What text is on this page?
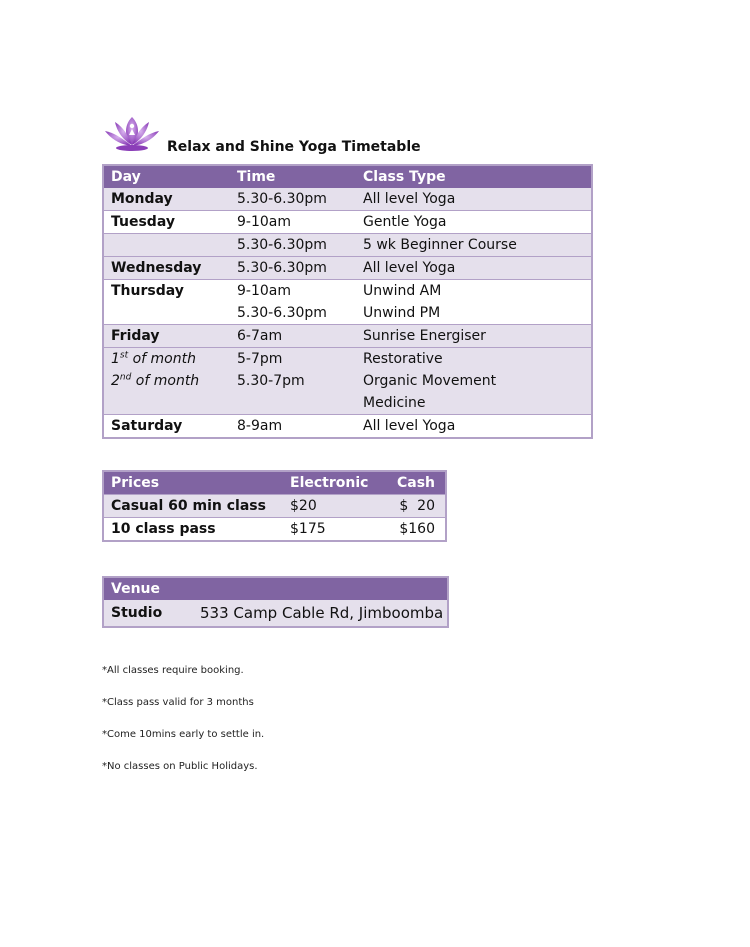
Relax and Shine Yoga Timetable
Day	Time	Class Type
Monday	5.30-6.30pm	All level Yoga
Tuesday	9-10am	Gentle Yoga
	5.30-6.30pm	5 wk Beginner Course
Wednesday	5.30-6.30pm	All level Yoga
Thursday	9-10am	Unwind AM
	5.30-6.30pm	Unwind PM
Friday	6-7am	Sunrise Energiser
1st of month	5-7pm	Restorative
2nd of month	5.30-7pm	Organic Movement
		Medicine
Saturday	8-9am	All level Yoga
Prices	Electronic	Cash
Casual 60 min class	$20	$  20
10 class pass	$175	$160
Venue	
Studio	533 Camp Cable Rd, Jimboomba

*All classes require booking.

*Class pass valid for 3 months

*Come 10mins early to settle in.

*No classes on Public Holidays.
